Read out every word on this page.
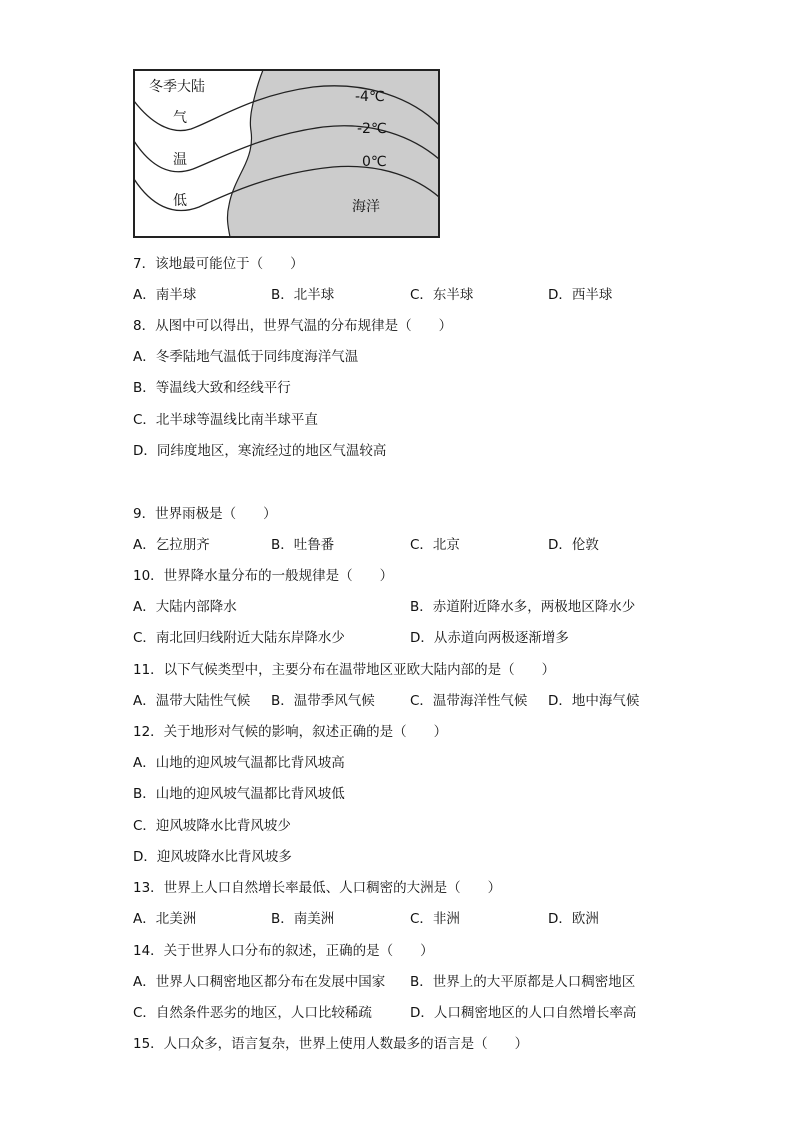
冬季大陆
气
温
低
-4℃
-2℃
0℃
海洋
7．该地最可能位于（　　）
A．南半球	B．北半球	C．东半球	D．西半球
8．从图中可以得出，世界气温的分布规律是（　　）
A．冬季陆地气温低于同纬度海洋气温
B．等温线大致和经线平行
C．北半球等温线比南半球平直
D．同纬度地区，寒流经过的地区气温较高
9．世界雨极是（　　）
A．乞拉朋齐	B．吐鲁番	C．北京	D．伦敦
10．世界降水量分布的一般规律是（　　）
A．大陆内部降水	B．赤道附近降水多，两极地区降水少
C．南北回归线附近大陆东岸降水少	D．从赤道向两极逐渐增多
11．以下气候类型中，主要分布在温带地区亚欧大陆内部的是（　　）
A．温带大陆性气候 B．温带季风气候	C．温带海洋性气候 D．地中海气候
12．关于地形对气候的影响，叙述正确的是（　　）
A．山地的迎风坡气温都比背风坡高
B．山地的迎风坡气温都比背风坡低
C．迎风坡降水比背风坡少
D．迎风坡降水比背风坡多
13．世界上人口自然增长率最低、人口稠密的大洲是（　　）
A．北美洲	B．南美洲	C．非洲	D．欧洲
14．关于世界人口分布的叙述，正确的是（　　）
A．世界人口稠密地区都分布在发展中国家 B．世界上的大平原都是人口稠密地区
C．自然条件恶劣的地区，人口比较稀疏	D．人口稠密地区的人口自然增长率高
15．人口众多，语言复杂，世界上使用人数最多的语言是（　　）
